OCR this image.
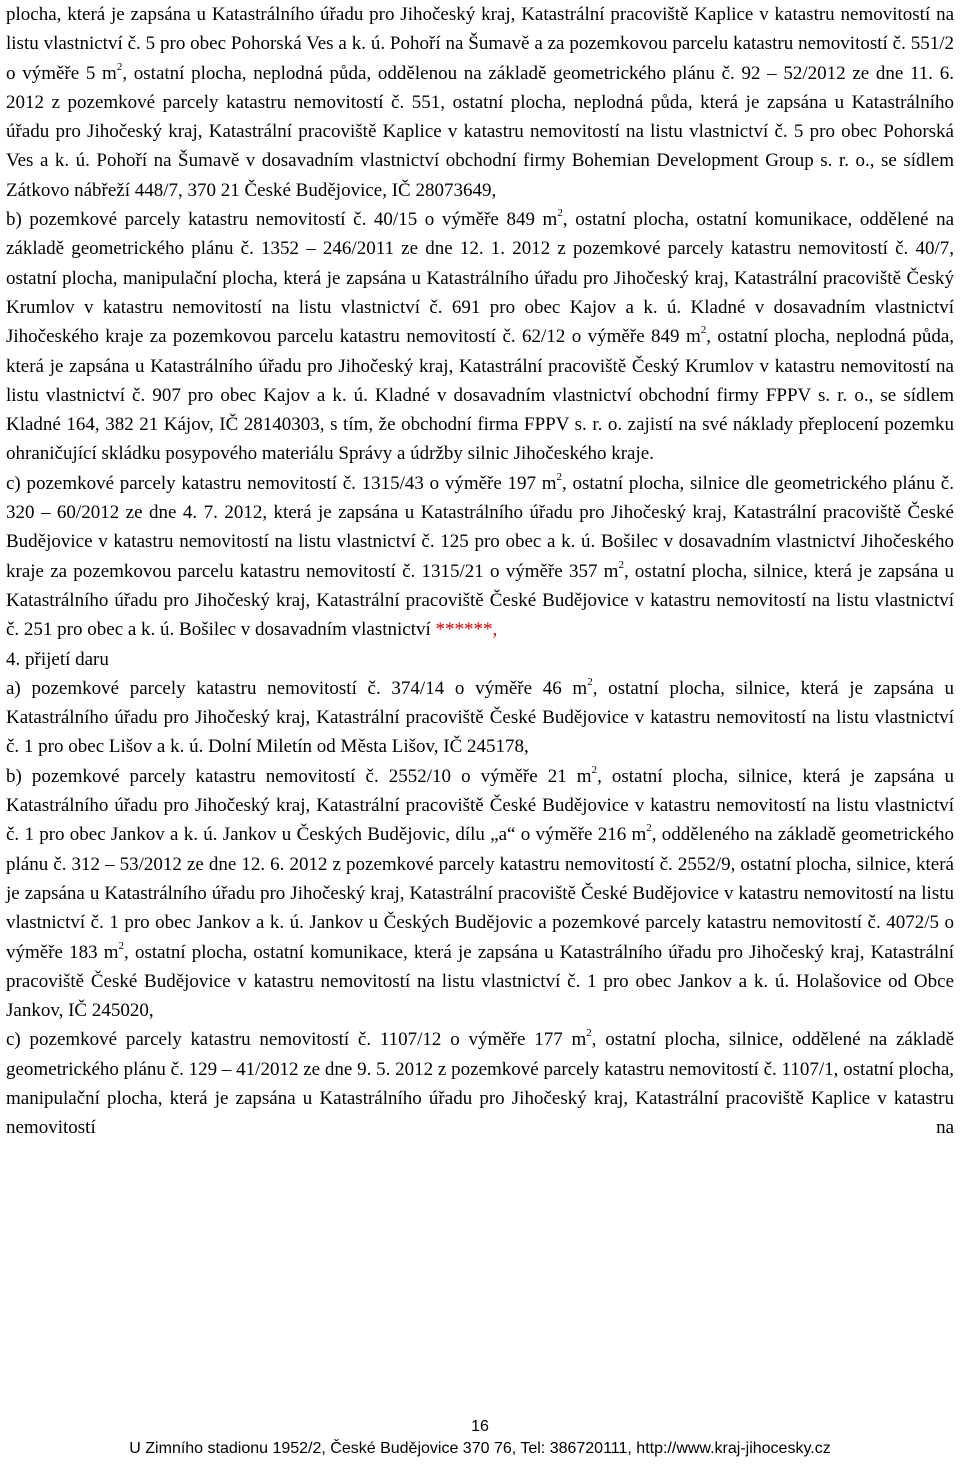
plocha, která je zapsána u Katastrálního úřadu pro Jihočeský kraj, Katastrální pracoviště Kaplice v katastru nemovitostí na listu vlastnictví č. 5 pro obec Pohorská Ves a k. ú. Pohoří na Šumavě a za pozemkovou parcelu katastru nemovitostí č. 551/2 o výměře 5 $m^2$, ostatní plocha, neplodná půda, oddělenou na základě geometrického plánu č. 92 – 52/2012 ze dne 11. 6. 2012 z pozemkové parcely katastru nemovitostí č. 551, ostatní plocha, neplodná půda, která je zapsána u Katastrálního úřadu pro Jihočeský kraj, Katastrální pracoviště Kaplice v katastru nemovitostí na listu vlastnictví č. 5 pro obec Pohorská Ves a k. ú. Pohoří na Šumavě v dosavadním vlastnictví obchodní firmy Bohemian Development Group s. r. o., se sídlem Zátkovo nábřeží 448/7, 370 21 České Budějovice, IČ 28073649,

b) pozemkové parcely katastru nemovitostí č. 40/15 o výměře 849 $m^2$, ostatní plocha, ostatní komunikace, oddělené na základě geometrického plánu č. 1352 – 246/2011 ze dne 12. 1. 2012 z pozemkové parcely katastru nemovitostí č. 40/7, ostatní plocha, manipulační plocha, která je zapsána u Katastrálního úřadu pro Jihočeský kraj, Katastrální pracoviště Český Krumlov v katastru nemovitostí na listu vlastnictví č. 691 pro obec Kajov a k. ú. Kladné v dosavadním vlastnictví Jihočeského kraje za pozemkovou parcelu katastru nemovitostí č. 62/12 o výměře 849 $m^2$, ostatní plocha, neplodná půda, která je zapsána u Katastrálního úřadu pro Jihočeský kraj, Katastrální pracoviště Český Krumlov v katastru nemovitostí na listu vlastnictví č. 907 pro obec Kajov a k. ú. Kladné v dosavadním vlastnictví obchodní firmy FPPV s. r. o., se sídlem Kladné 164, 382 21 Kájov, IČ 28140303, s tím, že obchodní firma FPPV s. r. o. zajistí na své náklady přeplocení pozemku ohraničující skládku posypového materiálu Správy a údržby silnic Jihočeského kraje.

c) pozemkové parcely katastru nemovitostí č. 1315/43 o výměře 197 $m^2$, ostatní plocha, silnice dle geometrického plánu č. 320 – 60/2012 ze dne 4. 7. 2012, která je zapsána u Katastrálního úřadu pro Jihočeský kraj, Katastrální pracoviště České Budějovice v katastru nemovitostí na listu vlastnictví č. 125 pro obec a k. ú. Bošilec v dosavadním vlastnictví Jihočeského kraje za pozemkovou parcelu katastru nemovitostí č. 1315/21 o výměře 357 $m^2$, ostatní plocha, silnice, která je zapsána u Katastrálního úřadu pro Jihočeský kraj, Katastrální pracoviště České Budějovice v katastru nemovitostí na listu vlastnictví č. 251 pro obec a k. ú. Bošilec v dosavadním vlastnictví ******,

4. přijetí daru

a) pozemkové parcely katastru nemovitostí č. 374/14 o výměře 46 $m^2$, ostatní plocha, silnice, která je zapsána u Katastrálního úřadu pro Jihočeský kraj, Katastrální pracoviště České Budějovice v katastru nemovitostí na listu vlastnictví č. 1 pro obec Lišov a k. ú. Dolní Miletín od Města Lišov, IČ 245178,

b) pozemkové parcely katastru nemovitostí č. 2552/10 o výměře 21 $m^2$, ostatní plocha, silnice, která je zapsána u Katastrálního úřadu pro Jihočeský kraj, Katastrální pracoviště České Budějovice v katastru nemovitostí na listu vlastnictví č. 1 pro obec Jankov a k. ú. Jankov u Českých Budějovic, dílu „a“ o výměře 216 $m^2$, odděleného na základě geometrického plánu č. 312 – 53/2012 ze dne 12. 6. 2012 z pozemkové parcely katastru nemovitostí č. 2552/9, ostatní plocha, silnice, která je zapsána u Katastrálního úřadu pro Jihočeský kraj, Katastrální pracoviště České Budějovice v katastru nemovitostí na listu vlastnictví č. 1 pro obec Jankov a k. ú. Jankov u Českých Budějovic a pozemkové parcely katastru nemovitostí č. 4072/5 o výměře 183 $m^2$, ostatní plocha, ostatní komunikace, která je zapsána u Katastrálního úřadu pro Jihočeský kraj, Katastrální pracoviště České Budějovice v katastru nemovitostí na listu vlastnictví č. 1 pro obec Jankov a k. ú. Holašovice od Obce Jankov, IČ 245020,

c) pozemkové parcely katastru nemovitostí č. 1107/12 o výměře 177 $m^2$, ostatní plocha, silnice, oddělené na základě geometrického plánu č. 129 – 41/2012 ze dne 9. 5. 2012 z pozemkové parcely katastru nemovitostí č. 1107/1, ostatní plocha, manipulační plocha, která je zapsána u Katastrálního úřadu pro Jihočeský kraj, Katastrální pracoviště Kaplice v katastru nemovitostí na

16
U Zimního stadionu 1952/2, České Budějovice 370 76, Tel: 386720111, http://www.kraj-jihocesky.cz
